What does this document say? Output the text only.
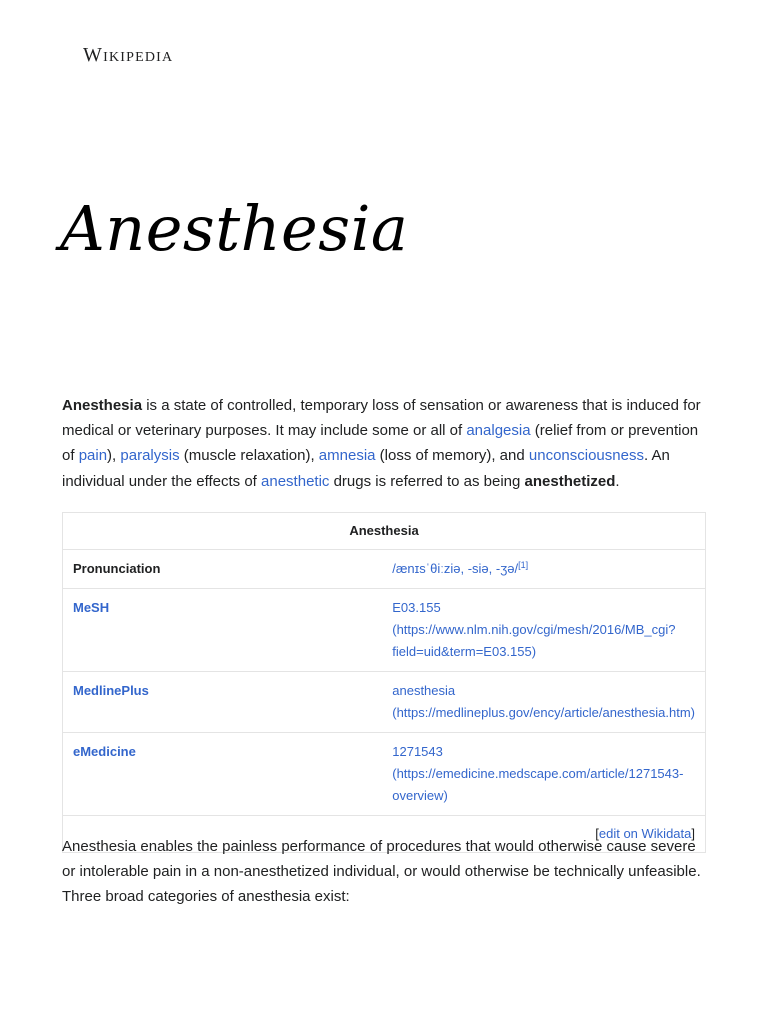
Wikipedia
Anesthesia

Anesthesia is a state of controlled, temporary loss of sensation or awareness that is induced for medical or veterinary purposes. It may include some or all of analgesia (relief from or prevention of pain), paralysis (muscle relaxation), amnesia (loss of memory), and unconsciousness. An individual under the effects of anesthetic drugs is referred to as being anesthetized.

Anesthesia	
Pronunciation	/ænɪsˈθiːziə, -siə, -ʒə/[1]
MeSH	E03.155 (https://www.nlm.nih.gov/cgi/mesh/2016/MB_cgi?field=uid&term=E03.155)
MedlinePlus	anesthesia (https://medlineplus.gov/ency/article/anesthesia.htm)
eMedicine	1271543 (https://emedicine.medscape.com/article/1271543-overview)
[edit on Wikidata]	

Anesthesia enables the painless performance of procedures that would otherwise cause severe or intolerable pain in a non-anesthetized individual, or would otherwise be technically unfeasible. Three broad categories of anesthesia exist:
